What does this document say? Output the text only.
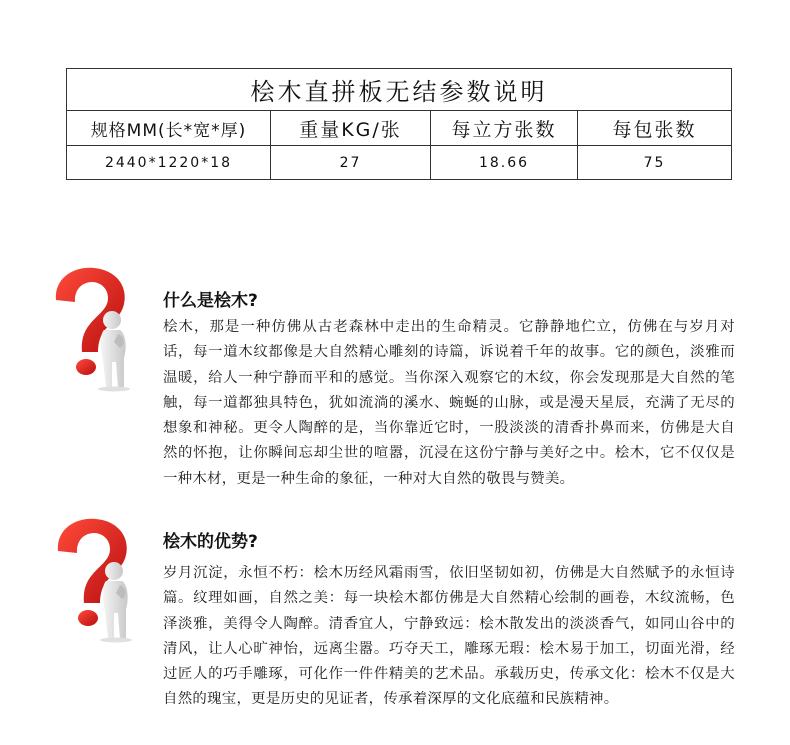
桧木直拼板无结参数说明			
规格MM(长*宽*厚)	重量KG/张	每立方张数	每包张数
2440*1220*18	27	18.66	75
什么是桧木?

桧木，那是一种仿佛从古老森林中走出的生命精灵。它静静地伫立，仿佛在与岁月对话，每一道木纹都像是大自然精心雕刻的诗篇，诉说着千年的故事。它的颜色，淡雅而温暖，给人一种宁静而平和的感觉。当你深入观察它的木纹，你会发现那是大自然的笔触，每一道都独具特色，犹如流淌的溪水、蜿蜒的山脉，或是漫天星辰，充满了无尽的想象和神秘。更令人陶醉的是，当你靠近它时，一股淡淡的清香扑鼻而来，仿佛是大自然的怀抱，让你瞬间忘却尘世的喧嚣，沉浸在这份宁静与美好之中。桧木，它不仅仅是一种木材，更是一种生命的象征，一种对大自然的敬畏与赞美。

桧木的优势?

岁月沉淀，永恒不朽：桧木历经风霜雨雪，依旧坚韧如初，仿佛是大自然赋予的永恒诗篇。纹理如画，自然之美：每一块桧木都仿佛是大自然精心绘制的画卷，木纹流畅，色泽淡雅，美得令人陶醉。清香宜人，宁静致远：桧木散发出的淡淡香气，如同山谷中的清风，让人心旷神怡，远离尘嚣。巧夺天工，雕琢无瑕：桧木易于加工，切面光滑，经过匠人的巧手雕琢，可化作一件件精美的艺术品。承载历史，传承文化：桧木不仅是大自然的瑰宝，更是历史的见证者，传承着深厚的文化底蕴和民族精神。
